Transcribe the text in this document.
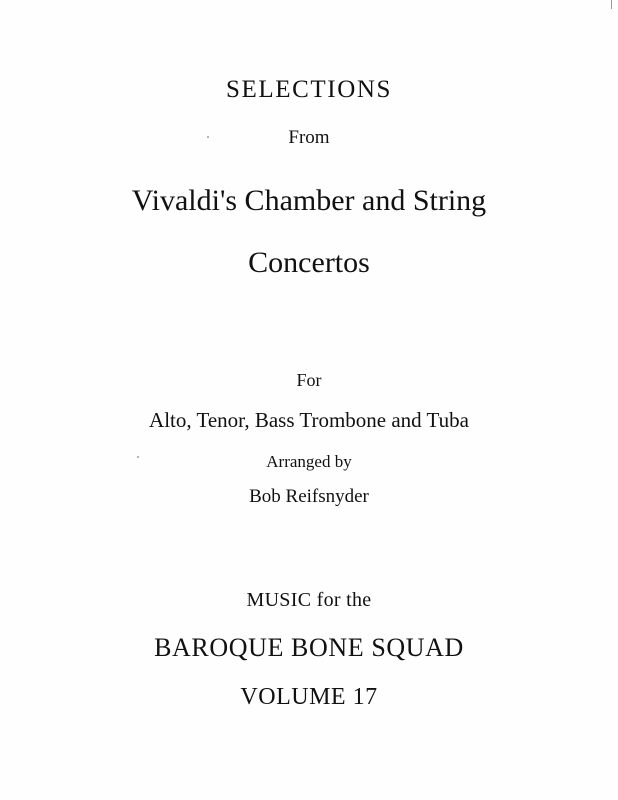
SELECTIONS
From
Vivaldi's Chamber and String
Concertos
For
Alto, Tenor, Bass Trombone and Tuba
Arranged by
Bob Reifsnyder
MUSIC for the
BAROQUE BONE SQUAD
VOLUME 17
